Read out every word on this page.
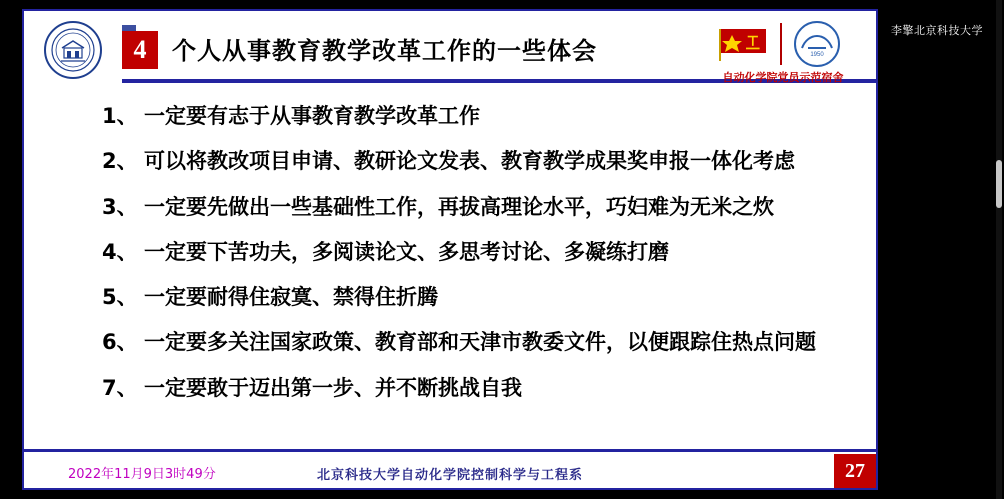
李擎北京科技大学
4	个人从事教育教学改革工作的一些体会	1950
自动化学院党员示范宿舍
1、 一定要有志于从事教育教学改革工作
2、 可以将教改项目申请、教研论文发表、教育教学成果奖申报一体化考虑
3、 一定要先做出一些基础性工作，再拔高理论水平，巧妇难为无米之炊
4、 一定要下苦功夫，多阅读论文、多思考讨论、多凝练打磨
5、 一定要耐得住寂寞、禁得住折腾
6、 一定要多关注国家政策、教育部和天津市教委文件，以便跟踪住热点问题
7、 一定要敢于迈出第一步、并不断挑战自我
2022年11月9日3时49分	北京科技大学自动化学院控制科学与工程系	27
